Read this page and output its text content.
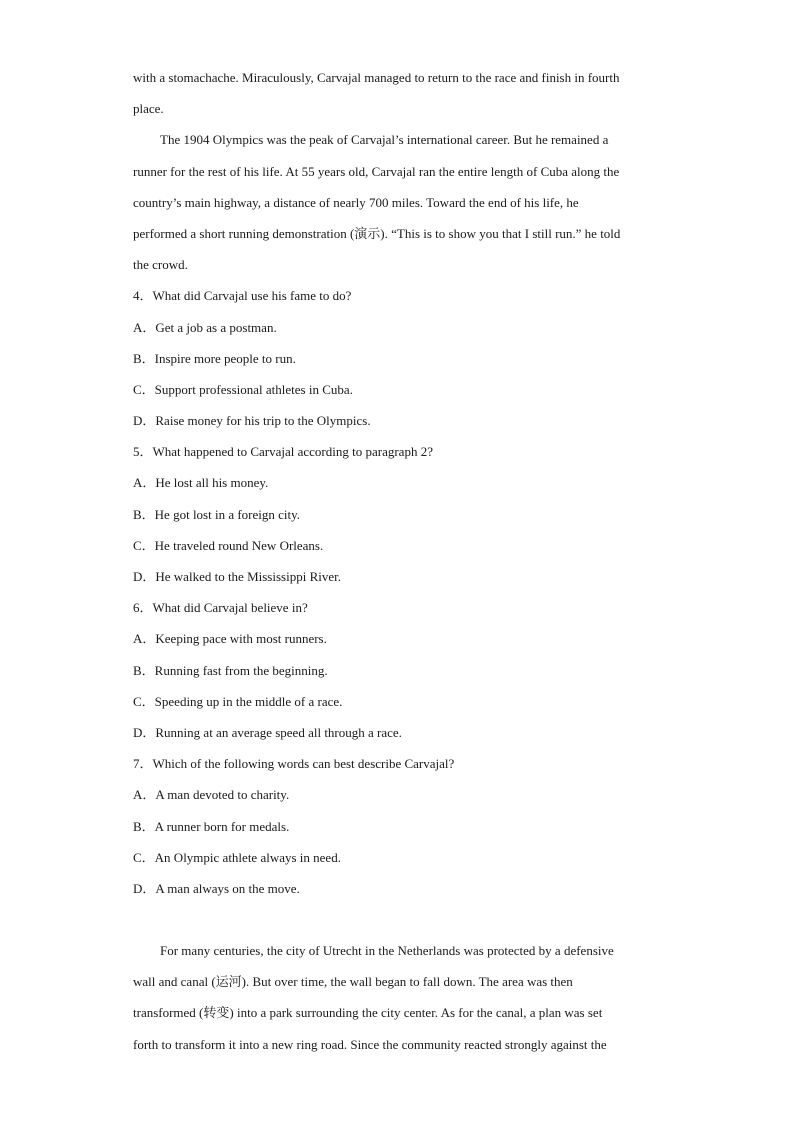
with a stomachache. Miraculously, Carvajal managed to return to the race and finish in fourth
place.
The 1904 Olympics was the peak of Carvajal’s international career. But he remained a
runner for the rest of his life. At 55 years old, Carvajal ran the entire length of Cuba along the
country’s main highway, a distance of nearly 700 miles. Toward the end of his life, he
performed a short running demonstration (演示). “This is to show you that I still run.” he told
the crowd.
4．What did Carvajal use his fame to do?
A．Get a job as a postman.
B．Inspire more people to run.
C．Support professional athletes in Cuba.
D．Raise money for his trip to the Olympics.
5．What happened to Carvajal according to paragraph 2?
A．He lost all his money.
B．He got lost in a foreign city.
C．He traveled round New Orleans.
D．He walked to the Mississippi River.
6．What did Carvajal believe in?
A．Keeping pace with most runners.
B．Running fast from the beginning.
C．Speeding up in the middle of a race.
D．Running at an average speed all through a race.
7．Which of the following words can best describe Carvajal?
A．A man devoted to charity.
B．A runner born for medals.
C．An Olympic athlete always in need.
D．A man always on the move.
For many centuries, the city of Utrecht in the Netherlands was protected by a defensive
wall and canal (运河). But over time, the wall began to fall down. The area was then
transformed (转变) into a park surrounding the city center. As for the canal, a plan was set
forth to transform it into a new ring road. Since the community reacted strongly against the
